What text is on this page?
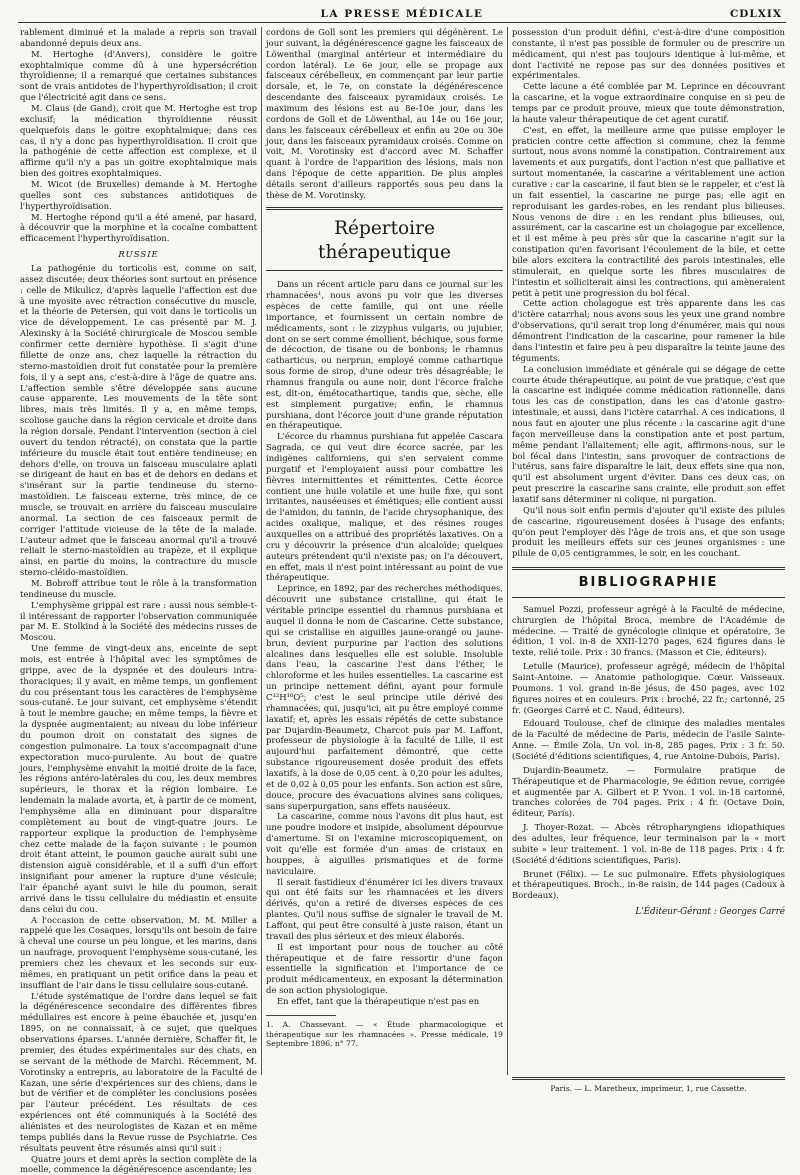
LA PRESSE MÉDICALE	CDLXIX

rablement diminué et la malade a repris son travail abandonné depuis deux ans.

M. Hertoghe (d'Anvers), considère le goitre exophtalmique comme dû à une hypersécrétion thyroïdienne; il a remarqué que certaines substances sont de vrais antidotes de l'hyperthyroïdisation; il croit que l'électricité agit dans ce sens.

M. Claus (de Gand), croit que M. Hertoghe est trop exclusif; la médication thyroïdienne réussit quelquefois dans le goitre exophtalmique; dans ces cas, il n'y a donc pas hyperthyroïdisation. Il croit que la pathogénie de cette affection est complexe, et il affirme qu'il n'y a pas un goitre exophtalmique mais bien des goitres exophtalmiques.

M. Wicot (de Bruxelles) demande à M. Hertoghe quelles sont ces substances antidotiques de l'hyperthyroïdisation.

M. Hertoghe répond qu'il a été amené, par hasard, à découvrir que la morphine et la cocaïne combattent efficacement l'hyperthyroïdisation.

RUSSIE

La pathogénie du torticolis est, comme on sait, assez discutée; deux théories sont surtout en présence : celle de Mikulicz, d'après laquelle l'affection est due à une myosite avec rétraction consécutive du muscle, et la théorie de Petersen, qui voit dans le torticolis un vice de développement. Le cas présenté par M. J. Alexinsky à la Société chirurgicale de Moscou semble confirmer cette dernière hypothèse. Il s'agit d'une fillette de onze ans, chez laquelle la rétraction du sterno-mastoïdien droit fut constatée pour la première fois, il y a sept ans, c'est-à-dire à l'âge de quatre ans. L'affection semble s'être développée sans aucune cause apparente. Les mouvements de la tête sont libres, mais très limités. Il y a, en même temps, scoliose gauche dans la région cervicale et droite dans la région dorsale. Pendant l'intervention (section à ciel ouvert du tendon rétracté), on constata que la partie inférieure du muscle était tout entière tendineuse; en dehors d'elle, on trouva un faisceau musculaire aplati se dirigeant de haut en bas et de dehors en dedans et s'insérant sur la partie tendineuse du sterno-mastoïdien. Le faisceau externe, très mince, de ce muscle, se trouvait en arrière du faisceau musculaire anormal. La section de ces faisceaux permit de corriger l'attitude vicieuse de la tête de la malade. L'auteur admet que le faisceau anormal qu'il a trouvé reliait le sterno-mastoïdien au trapèze, et il explique ainsi, en partie du moins, la contracture du muscle sterno-cléido-mastoïdien.

M. Bobroff attribue tout le rôle à la transformation tendineuse du muscle.

L'emphysème grippal est rare : aussi nous semble-t-il intéressant de rapporter l'observation communiquée par M. E. Stolkind à la Société des médecins russes de Moscou.

Une femme de vingt-deux ans, enceinte de sept mois, est entrée à l'hôpital avec les symptômes de grippe, avec de la dyspnée et des douleurs intra-thoraciques; il y avait, en même temps, un gonflement du cou présentant tous les caractères de l'emphysème sous-cutané. Le jour suivant, cet emphysème s'étendit à tout le membre gauche; en même temps, la fièvre et la dyspnée augmentaient; au niveau du lobe inférieur du poumon droit on constatait des signes de congestion pulmonaire. La toux s'accompagnait d'une expectoration muco-purulente. Au bout de quatre jours, l'emphysème envahit la moitié droite de la face, les régions antéro-latérales du cou, les deux membres supérieurs, le thorax et la région lombaire. Le lendemain la malade avorta, et, à partir de ce moment, l'emphysème alla en diminuant pour disparaître complètement au bout de vingt-quatre jours. Le rapporteur explique la production de l'emphysème chez cette malade de la façon suivante : le poumon droit étant atteint, le poumon gauche aurait subi une distension aiguë considérable, et il a suffi d'un effort insignifiant pour amener la rupture d'une vésicule; l'air épanché ayant suivi le hile du poumon, serait arrivé dans le tissu cellulaire du médiastin et ensuite dans celui du cou.

A l'occasion de cette observation, M. M. Miller a rappelé que les Cosaques, lorsqu'ils ont besoin de faire à cheval une course un peu longue, et les marins, dans un naufrage, provoquent l'emphysème sous-cutané, les premiers chez les chevaux et les seconds sur eux-mêmes, en pratiquant un petit orifice dans la peau et insufflant de l'air dans le tissu cellulaire sous-cutané.

L'étude systématique de l'ordre dans lequel se fait la dégénérescence secondaire des différentes fibres médullaires est encore à peine ébauchée et, jusqu'en 1895, on ne connaissait, à ce sujet, que quelques observations éparses. L'année dernière, Schaffer fit, le premier, des études expérimentales sur des chats, en se servant de la méthode de Marchi. Récemment, M. Vorotinsky a entrepris, au laboratoire de la Faculté de Kazan, une série d'expériences sur des chiens, dans le but de vérifier et de compléter les conclusions posées par l'auteur précédent. Les résultats de ces expériences ont été communiqués à la Société des aliénistes et des neurologistes de Kazan et en même temps publiés dans la Revue russe de Psychiatrie. Ces résultats peuvent être résumés ainsi qu'il suit :

Quatre jours et demi après la section complète de la moelle, commence la dégénérescence ascendante; les

cordons de Goll sont les premiers qui dégénèrent. Le jour suivant, la dégénérescence gagne les faisceaux de Löwenthal (marginal antérieur et intermédiaire du cordon latéral). Le 6e jour, elle se propage aux faisceaux cérébelleux, en commençant par leur partie dorsale, et, le 7e, on constate la dégénérescence descendante des faisceaux pyramidaux croisés. Le maximum des lésions est au 8e-10e jour, dans les cordons de Goll et de Löwenthal, au 14e ou 16e jour, dans les faisceaux cérébelleux et enfin au 20e ou 30e jour, dans les faisceaux pyramidaux croisés. Comme on voit, M. Vorotinsky est d'accord avec M. Schaffer quant à l'ordre de l'apparition des lésions, mais non dans l'époque de cette apparition. De plus amples détails seront d'ailleurs rapportés sous peu dans la thèse de M. Vorotinsky.

Répertoire thérapeutique

Dans un récent article paru dans ce journal sur les rhamnacées¹, nous avons pu voir que les diverses espèces de cette famille, qui ont une réelle importance, et fournissent un certain nombre de médicaments, sont : le zizyphus vulgaris, ou jujubier, dont on se sert comme émollient, béchique, sous forme de décoction, de tisane ou de bonbons; le rhamnus catharticus, ou nerprun, employé comme cathartique sous forme de sirop, d'une odeur très désagréable; le rhamnus frangula ou aune noir, dont l'écorce fraîche est, dit-on, émétocathartique, tandis que, sèche, elle est simplement purgative; enfin, le rhamnus purshiana, dont l'écorce jouit d'une grande réputation en thérapeutique.

L'écorce du rhamnus purshiana fut appelée Cascara Sagrada, ce qui veut dire écorce sacrée, par les indigènes californiens, qui s'en servaient comme purgatif et l'employaient aussi pour combattre les fièvres intermittentes et rémittentes. Cette écorce contient une huile volatile et une huile fixe, qui sont irritantes, nauséeuses et émétiques; elle contient aussi de l'amidon, du tannin, de l'acide chrysophanique, des acides oxalique, malique, et des résines rouges auxquelles on a attribué des propriétés laxatives. On a cru y découvrir la présence d'un alcaloïde; quelques auteurs prétendent qu'il n'existe pas; on l'a découvert, en effet, mais il n'est point intéressant au point de vue thérapeutique.

Leprince, en 1892, par des recherches méthodiques, découvrit une substance cristalline, qui était le véritable principe essentiel du rhamnus purshiana et auquel il donna le nom de Cascarine. Cette substance, qui se cristallise en aiguilles jaune-orangé ou jaune-brun, devient purpurine par l'action des solutions alcalines dans lesquelles elle est soluble. Insoluble dans l'eau, la cascarine l'est dans l'éther, le chloroforme et les huiles essentielles. La cascarine est un principe nettement défini, ayant pour formule C¹²H¹⁰O⁵; c'est le seul principe utile dérivé des rhamnacées, qui, jusqu'ici, ait pu être employé comme laxatif; et, après les essais répétés de cette substance par Dujardin-Beaumetz, Charcot puis par M. Laffont, professeur de physiologie à la faculté de Lille, il est aujourd'hui parfaitement démontré, que cette substance rigoureusement dosée produit des effets laxatifs, à la dose de 0,05 cent. à 0,20 pour les adultes, et de 0,02 à 0,05 pour les enfants. Son action est sûre, douce, procure des évacuations alvines sans coliques, sans superpurgation, sans effets nauséeux.

La cascarine, comme nous l'avons dit plus haut, est une poudre inodore et insipide, absolument dépourvue d'amertume. Si on l'examine microscopiquement, on voit qu'elle est formée d'un amas de cristaux en houppes, à aiguilles prismatiques et de forme naviculaire.

Il serait fastidieux d'énumérer ici les divers travaux qui ont été faits sur les rhamnacées et les divers dérivés, qu'on a retiré de diverses espèces de ces plantes. Qu'il nous suffise de signaler le travail de M. Laffont, qui peut être consulté à juste raison, étant un travail des plus sérieux et des mieux élaborés.

Il est important pour nous de toucher au côté thérapeutique et de faire ressortir d'une façon essentielle la signification et l'importance de ce produit médicamenteux, en exposant la détermination de son action physiologique.

En effet, tant que la thérapeutique n'est pas en

1. A. Chassevant. — « Étude pharmacologique et thérapeutique sur les rhamnacées ». Presse médicale, 19 Septembre 1896, n° 77.

possession d'un produit défini, c'est-à-dire d'une composition constante, il n'est pas possible de formuler ou de prescrire un médicament, qui n'est pas toujours identique à lui-même, et dont l'activité ne repose pas sur des données positives et expérimentales.

Cette lacune a été comblée par M. Leprince en découvrant la cascarine, et la vogue extraordinaire conquise en si peu de temps par ce produit prouve, mieux que toute démonstration, la haute valeur thérapeutique de cet agent curatif.

C'est, en effet, la meilleure arme que puisse employer le praticien contre cette affection si commune, chez la femme surtout, nous avons nommé la constipation. Contrairement aux lavements et aux purgatifs, dont l'action n'est que palliative et surtout momentanée, la cascarine a véritablement une action curative : car la cascarine, il faut bien se le rappeler, et c'est là un fait essentiel, la cascarine ne purge pas; elle agit en reproduisant les gardes-robes, en les rendant plus bilieuses. Nous venons de dire : en les rendant plus bilieuses, oui, assurément, car la cascarine est un cholagogue par excellence, et il est même à peu près sûr que la cascarine n'agit sur la constipation qu'en favorisant l'écoulement de la bile, et cette bile alors excitera la contractilité des parois intestinales, elle stimulerait, en quelque sorte les fibres musculaires de l'intestin et solliciterait ainsi les contractions, qui amèneraient petit à petit une progression du bol fécal.

Cette action cholagogue est très apparente dans les cas d'ictère catarrhal; nous avons sous les yeux une grand nombre d'observations, qu'il serait trop long d'énumérer, mais qui nous démontrent l'indication de la cascarine, pour ramener la bile dans l'intestin et faire peu à peu disparaître la teinte jaune des téguments.

La conclusion immédiate et générale qui se dégage de cette courte étude thérapeutique, au point de vue pratique, c'est que la cascarine est indiquée comme médication rationnelle, dans tous les cas de constipation, dans les cas d'atonie gastro-intestinale, et aussi, dans l'ictère catarrhal. A ces indications, il nous faut en ajouter une plus récente : la cascarine agit d'une façon merveilleuse dans la constipation ante et post partum, même pendant l'allaitement; elle agit, affirmons-nous, sur le bol fécal dans l'intestin, sans provoquer de contractions de l'utérus, sans faire disparaître le lait, deux effets sine qua non, qu'il est absolument urgent d'éviter. Dans ces deux cas, on peut prescrire la cascarine sans crainte, elle produit son effet laxatif sans déterminer ni colique, ni purgation.

Qu'il nous soit enfin permis d'ajouter qu'il existe des pilules de cascarine, rigoureusement dosées à l'usage des enfants; qu'on peut l'employer dès l'âge de trois ans, et que son usage produit les meilleurs effets sur ces jeunes organismes : une pilule de 0,05 centigrammes, le soir, en les couchant.

BIBLIOGRAPHIE

Samuel Pozzi, professeur agrégé à la Faculté de médecine, chirurgien de l'hôpital Broca, membre de l'Académie de médecine. — Traité de gynécologie clinique et opératoire, 3e édition, 1 vol. in-8 de XXII-1270 pages, 624 figures dans le texte, relié toile. Prix : 30 francs. (Masson et Cie, éditeurs).

Letulle (Maurice), professeur agrégé, médecin de l'hôpital Saint-Antoine. — Anatomie pathologique. Cœur. Vaisseaux. Poumons. 1 vol. grand in-8e jésus, de 450 pages, avec 102 figures noires et en couleurs. Prix : broché, 22 fr.; cartonné, 25 fr. (Georges Carré et C. Naud, éditeurs).

Edouard Toulouse, chef de clinique des maladies mentales de la Faculté de médecine de Paris, médecin de l'asile Sainte-Anne. — Émile Zola. Un vol. in-8, 285 pages. Prix : 3 fr. 50. (Société d'éditions scientifiques, 4, rue Antoine-Dubois, Paris).

Dujardin-Beaumetz. — Formulaire pratique de Thérapeutique et de Pharmacologie, 9e édition revue, corrigée et augmentée par A. Gilbert et P. Yvon. 1 vol. in-18 cartonné, tranches colorées de 704 pages. Prix : 4 fr. (Octave Doin, éditeur, Paris).

J. Thoyer-Rozat. — Abcès rétropharyngiens idiopathiques des adultes, leur fréquence, leur terminaison par la « mort subite » leur traitement. 1 vol. in-8e de 118 pages. Prix : 4 fr. (Société d'éditions scientifiques, Paris).

Brunet (Félix). — Le suc pulmonaire. Effets physiologiques et thérapeutiques. Broch., in-8e raisin, de 144 pages (Cadoux à Bordeaux).

L'Éditeur-Gérant : Georges Carré
Paris. — L. Maretheux, imprimeur, 1, rue Cassette.
